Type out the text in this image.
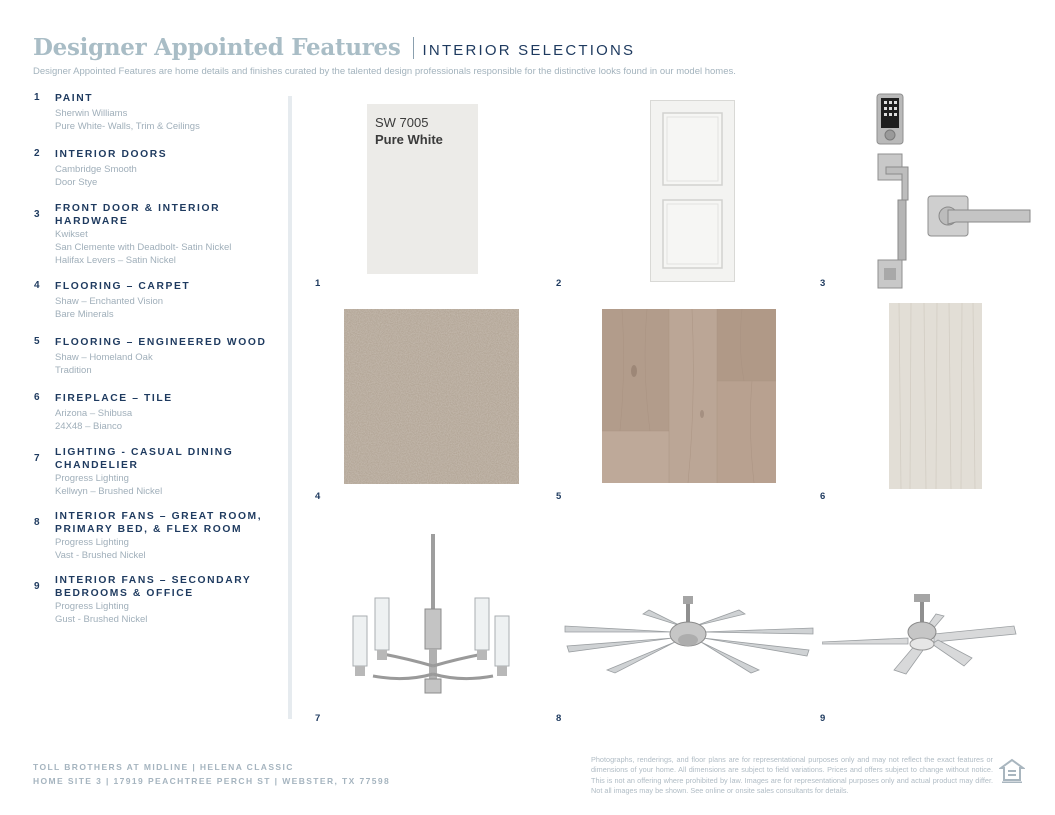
Designer Appointed Features INTERIOR SELECTIONS
Designer Appointed Features are home details and finishes curated by the talented design professionals responsible for the distinctive looks found in our model homes.
1 PAINT
Sherwin Williams
Pure White- Walls, Trim & Ceilings
2 INTERIOR DOORS
Cambridge Smooth
Door Stye
3
FRONT DOOR & INTERIOR HARDWARE
Kwikset
San Clemente with Deadbolt- Satin Nickel
Halifax Levers – Satin Nickel
4 FLOORING – CARPET
Shaw – Enchanted Vision
Bare Minerals
5 FLOORING – ENGINEERED WOOD
Shaw – Homeland Oak
Tradition
6 FIREPLACE – TILE
Arizona – Shibusa
24X48 – Bianco
7
LIGHTING - CASUAL DINING CHANDELIER
Progress Lighting
Kellwyn – Brushed Nickel
8
INTERIOR FANS – GREAT ROOM, PRIMARY BED, & FLEX ROOM
Progress Lighting
Vast - Brushed Nickel
9
INTERIOR FANS – SECONDARY BEDROOMS & OFFICE
Progress Lighting
Gust - Brushed Nickel
1	2	3
4	5	6
7	8	9
SW 7005
Pure White
TOLL BROTHERS AT MIDLINE | HELENA CLASSIC
HOME SITE 3 | 17919 PEACHTREE PERCH ST | WEBSTER, TX 77598
Photographs, renderings, and floor plans are for representational purposes only and may not reflect the exact features or dimensions of your home. All dimensions are subject to field variations. Prices and offers subject to change without notice. This is not an offering where prohibited by law. Images are for representational purposes only and actual product may differ. Not all images may be shown. See online or onsite sales consultants for details.
